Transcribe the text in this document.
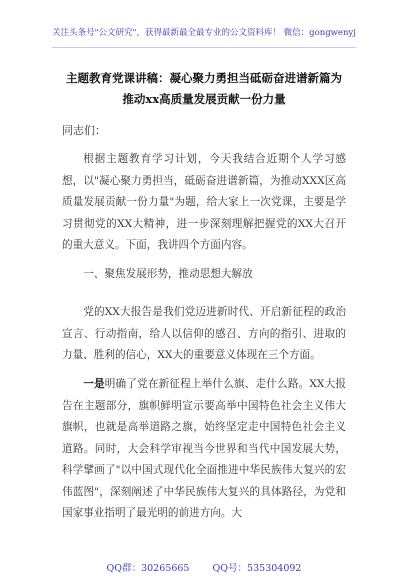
关注头条号"公文研究"，获得最新最全最专业的公文资料库！ 微信：gongwenyj
主题教育党课讲稿：凝心聚力勇担当砥砺奋进谱新篇为推动xx高质量发展贡献一份力量
同志们：

根据主题教育学习计划，今天我结合近期个人学习感想，以"凝心聚力勇担当，砥砺奋进谱新篇，为推动XXX区高质量发展贡献一份力量"为题，给大家上一次党课，主要是学习贯彻党的XX大精神，进一步深刻理解把握党的XX大召开的重大意义。下面，我讲四个方面内容。

一、聚焦发展形势，推动思想大解放

党的XX大报告是我们党迈进新时代、开启新征程的政治宣言、行动指南，给人以信仰的感召、方向的指引、进取的力量、胜利的信心，XX大的重要意义体现在三个方面。

一是明确了党在新征程上举什么旗、走什么路。XX大报告在主题部分，旗帜鲜明宣示要高举中国特色社会主义伟大旗帜，也就是高举道路之旗，始终坚定走中国特色社会主义道路。同时，大会科学审视当今世界和当代中国发展大势，科学擘画了"以中国式现代化全面推进中华民族伟大复兴的宏伟蓝图"，深刻阐述了中华民族伟大复兴的具体路径，为党和国家事业指明了最光明的前进方向。大

QQ群：30265665 QQ号：535304092
